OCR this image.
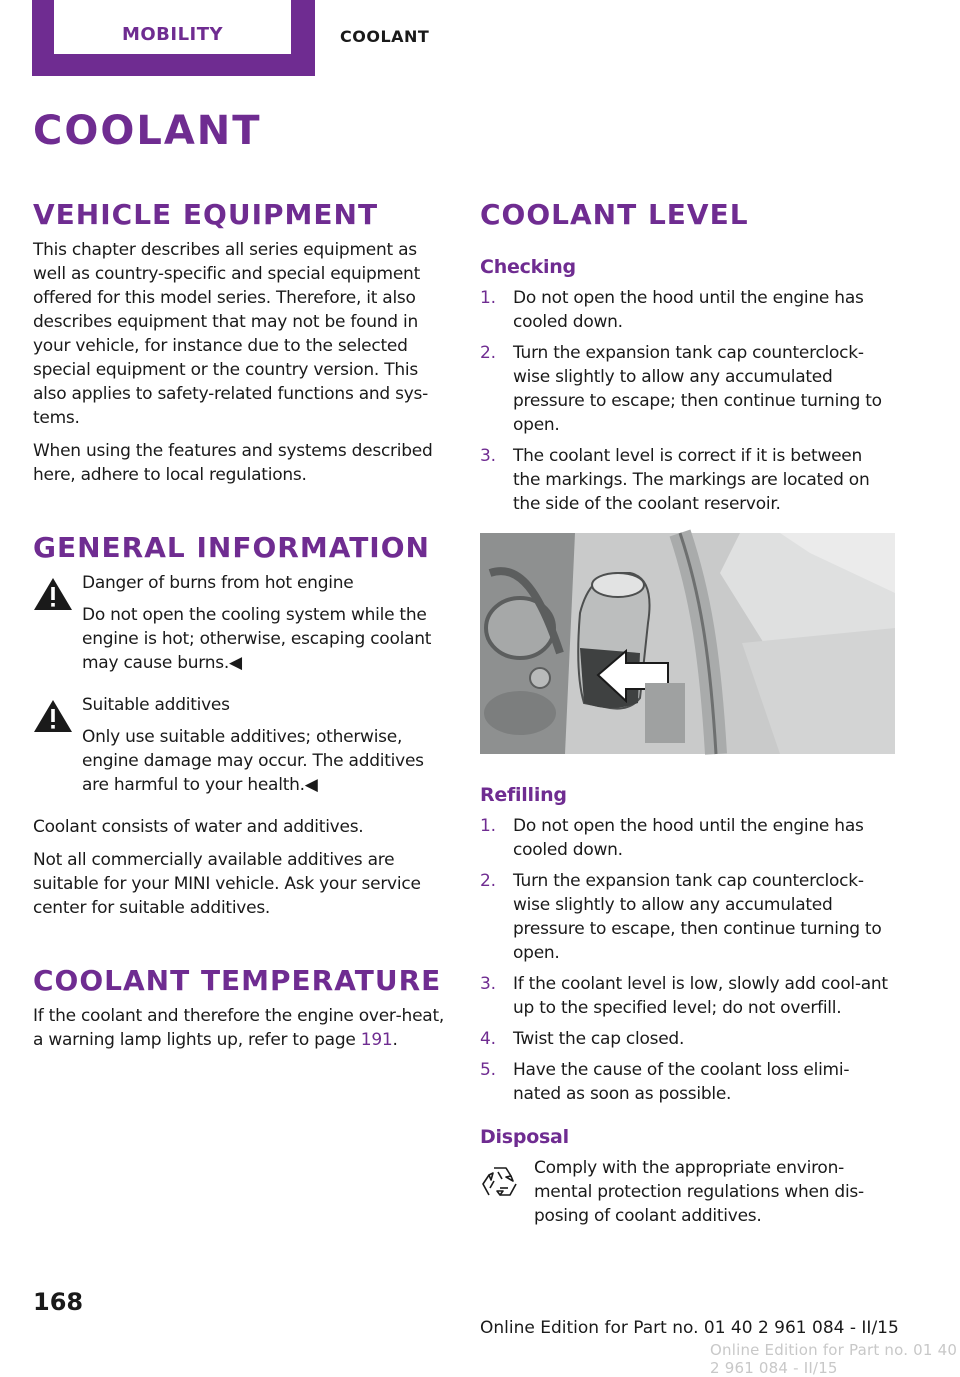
MOBILITY	COOLANT
COOLANT
VEHICLE EQUIPMENT

This chapter describes all series equipment as well as country-specific and special equipment offered for this model series. Therefore, it also describes equipment that may not be found in your vehicle, for instance due to the selected special equipment or the country version. This also applies to safety-related functions and sys‐tems.

When using the features and systems described here, adhere to local regulations.

GENERAL INFORMATION

Danger of burns from hot engine

Do not open the cooling system while the engine is hot; otherwise, escaping coolant may cause burns.◀

Suitable additives

Only use suitable additives; otherwise, engine damage may occur. The additives are harmful to your health.◀

Coolant consists of water and additives.

Not all commercially available additives are suitable for your MINI vehicle. Ask your service center for suitable additives.

COOLANT TEMPERATURE

If the coolant and therefore the engine over‐heat, a warning lamp lights up, refer to page 191.

COOLANT LEVEL
Checking
1. Do not open the hood until the engine has cooled down.
2. Turn the expansion tank cap counterclock‐wise slightly to allow any accumulated pressure to escape; then continue turning to open.
3. The coolant level is correct if it is between the markings. The markings are located on the side of the coolant reservoir.
Refilling
1. Do not open the hood until the engine has cooled down.
2. Turn the expansion tank cap counterclock‐wise slightly to allow any accumulated pressure to escape, then continue turning to open.
3. If the coolant level is low, slowly add cool‐ant up to the specified level; do not overfill.
4. Twist the cap closed.
5. Have the cause of the coolant loss elimi‐nated as soon as possible.
Disposal

Comply with the appropriate environ‐mental protection regulations when dis‐posing of coolant additives.

168
Online Edition for Part no. 01 40 2 961 084 - II/15
Online Edition for Part no. 01 40 2 961 084 - II/15
